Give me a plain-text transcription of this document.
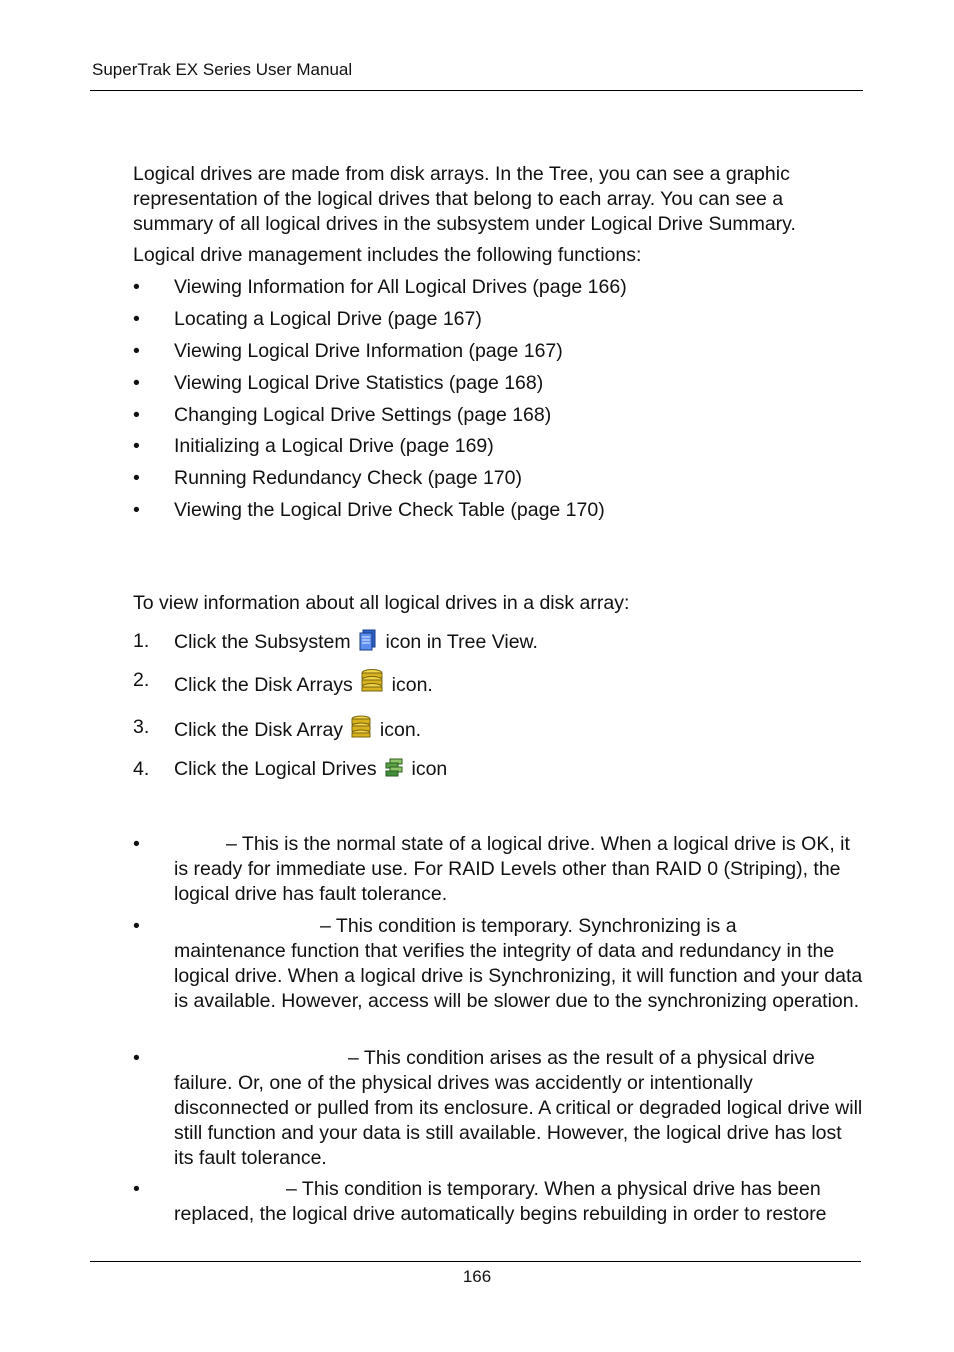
SuperTrak EX Series User Manual
Logical drives are made from disk arrays. In the Tree, you can see a graphic representation of the logical drives that belong to each array. You can see a summary of all logical drives in the subsystem under Logical Drive Summary.
Logical drive management includes the following functions:
• Viewing Information for All Logical Drives (page 166)
• Locating a Logical Drive (page 167)
• Viewing Logical Drive Information (page 167)
• Viewing Logical Drive Statistics (page 168)
• Changing Logical Drive Settings (page 168)
• Initializing a Logical Drive (page 169)
• Running Redundancy Check (page 170)
• Viewing the Logical Drive Check Table (page 170)
To view information about all logical drives in a disk array:
1. Click the Subsystem icon in Tree View.
2. Click the Disk Arrays icon.
3. Click the Disk Array icon.
4. Click the Logical Drives icon
•	– This is the normal state of a logical drive. When a logical drive is OK, it
is ready for immediate use. For RAID Levels other than RAID 0 (Striping), the logical drive has fault tolerance.
•	– This condition is temporary. Synchronizing is a
maintenance function that verifies the integrity of data and redundancy in the logical drive. When a logical drive is Synchronizing, it will function and your data is available. However, access will be slower due to the synchronizing operation.
•	– This condition arises as the result of a physical drive
failure. Or, one of the physical drives was accidently or intentionally disconnected or pulled from its enclosure. A critical or degraded logical drive will still function and your data is still available. However, the logical drive has lost its fault tolerance.
•	– This condition is temporary. When a physical drive has been
replaced, the logical drive automatically begins rebuilding in order to restore
166
